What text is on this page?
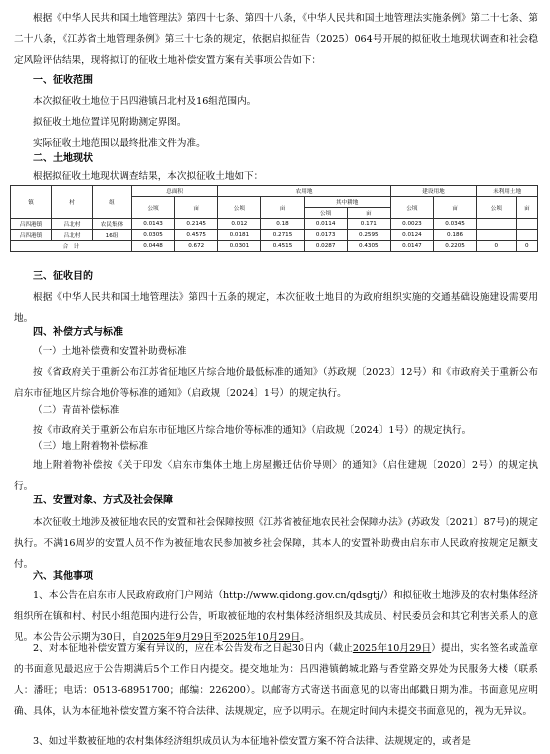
根据《中华人民共和国土地管理法》第四十七条、第四十八条，《中华人民共和国土地管理法实施条例》第二十七条、第二十八条，《江苏省土地管理条例》第三十七条的规定，依据启拟征告（2025）064号开展的拟征收土地现状调查和社会稳定风险评估结果，现将拟订的征收土地补偿安置方案有关事项公告如下：
一、征收范围
本次拟征收土地位于吕四港镇吕北村及16组范围内。
拟征收土地位置详见附勘测定界图。
实际征收土地范围以最终批准文件为准。
二、土地现状
根据拟征收土地现状调查结果，本次拟征收土地如下：
镇	村	组	总面积		农用地				建设用地		未利用土地	
			公顷	亩	公顷	亩	其中耕地		公顷	亩	公顷	亩
							公顷	亩				
吕四港镇	吕北村	农民集体	0.0143	0.2145	0.012	0.18	0.0114	0.171	0.0023	0.0345		
吕四港镇	吕北村	16组	0.0305	0.4575	0.0181	0.2715	0.0173	0.2595	0.0124	0.186		
合　计			0.0448	0.672	0.0301	0.4515	0.0287	0.4305	0.0147	0.2205	0	0
三、征收目的
根据《中华人民共和国土地管理法》第四十五条的规定，本次征收土地目的为政府组织实施的交通基础设施建设需要用地。
四、补偿方式与标准
（一）土地补偿费和安置补助费标准
按《省政府关于重新公布江苏省征地区片综合地价最低标准的通知》（苏政规〔2023〕12号）和《市政府关于重新公布启东市征地区片综合地价等标准的通知》（启政规〔2024〕1号）的规定执行。
（二）青苗补偿标准
按《市政府关于重新公布启东市征地区片综合地价等标准的通知》（启政规〔2024〕1号）的规定执行。
（三）地上附着物补偿标准
地上附着物补偿按《关于印发〈启东市集体土地上房屋搬迁估价导则〉的通知》（启住建规〔2020〕2号）的规定执行。
五、安置对象、方式及社会保障
本次征收土地涉及被征地农民的安置和社会保障按照《江苏省被征地农民社会保障办法》(苏政发〔2021〕87号)的规定执行。不满16周岁的安置人员不作为被征地农民参加被乡社会保障，其本人的安置补助费由启东市人民政府按规定足额支付。
六、其他事项
1、本公告在启东市人民政府政府门户网站（http://www.qidong.gov.cn/qdsgtj/）和拟征收土地涉及的农村集体经济组织所在镇和村、村民小组范围内进行公告，听取被征地的农村集体经济组织及其成员、村民委员会和其它利害关系人的意见。本公告公示期为30日，自2025年9月29日至2025年10月29日。
2、对本征地补偿安置方案有异议的，应在本公告发布之日起30日内（截止2025年10月29日）提出，实名签名或盖章的书面意见最迟应于公告期满后5个工作日内提交。提交地址为：吕四港镇鹤城北路与香堂路交界处为民服务大楼（联系人：潘旺；电话：0513-68951700；邮编：226200）。以邮寄方式寄送书面意见的以寄出邮戳日期为准。书面意见应明确、具体，认为本征地补偿安置方案不符合法律、法规规定，应予以明示。在规定时间内未提交书面意见的，视为无异议。
3、如过半数被征地的农村集体经济组织成员认为本征地补偿安置方案不符合法律、法规规定的，或者是
